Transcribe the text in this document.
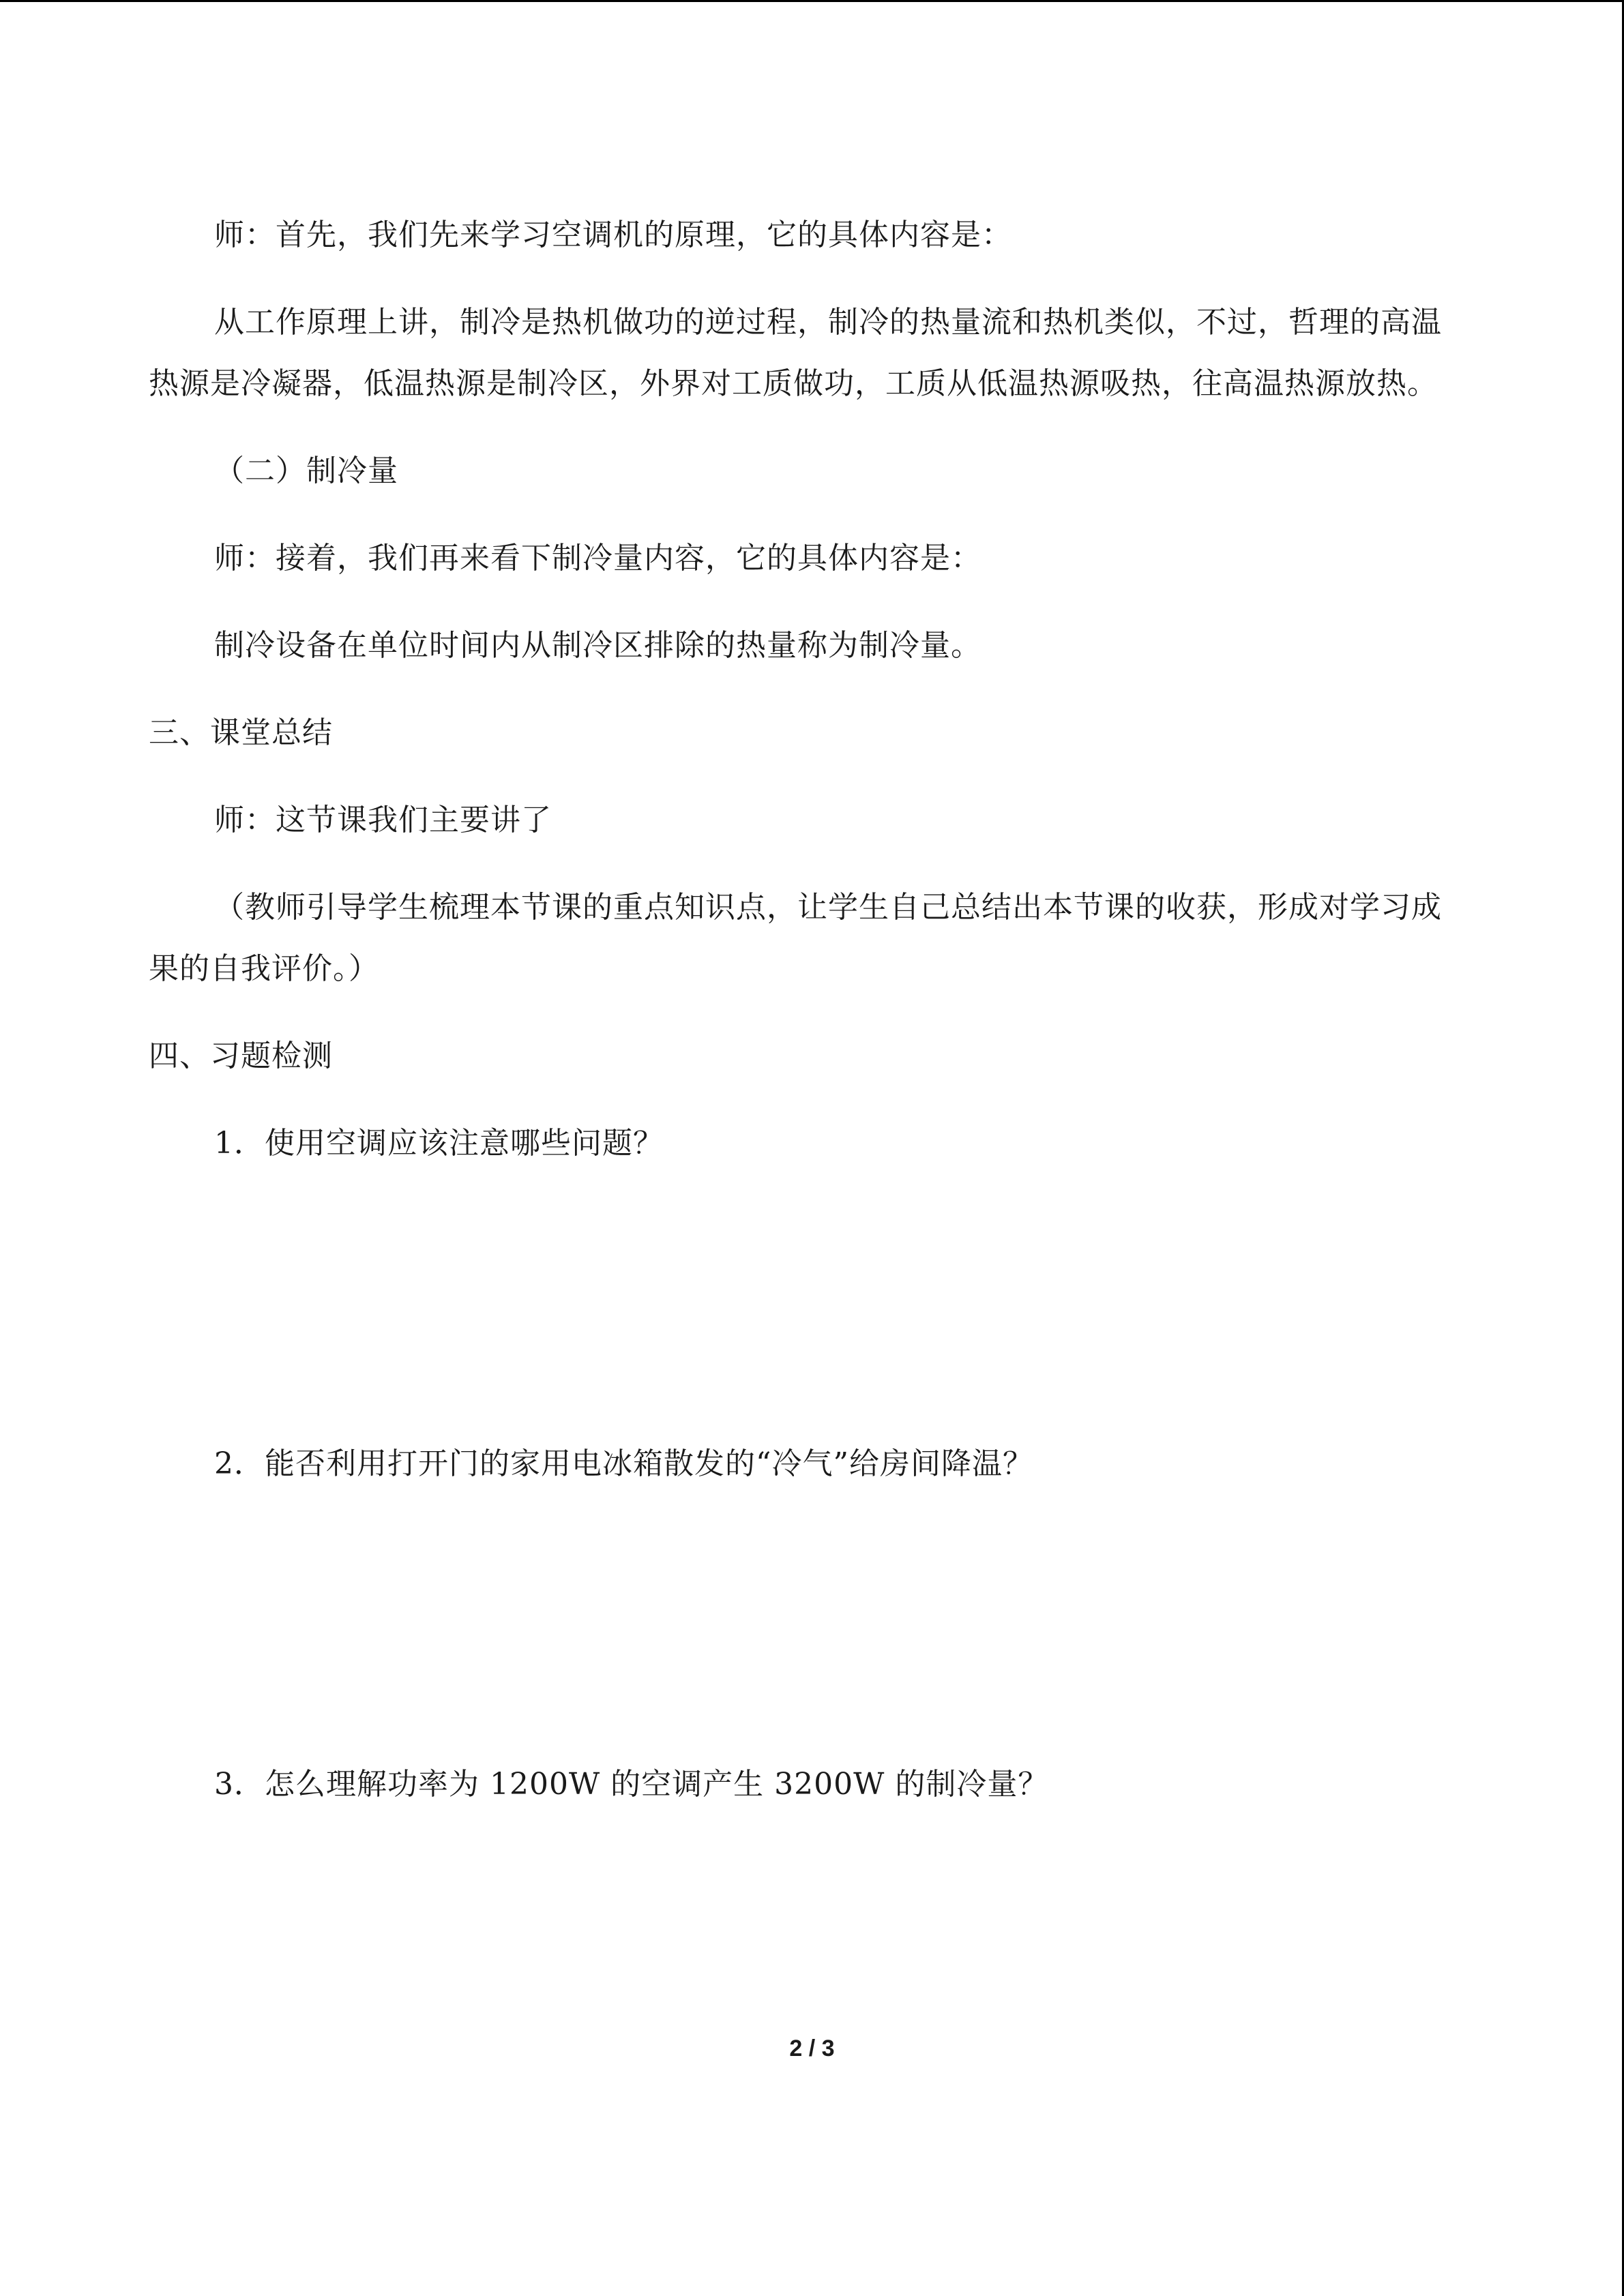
师：首先，我们先来学习空调机的原理，它的具体内容是：

从工作原理上讲，制冷是热机做功的逆过程，制冷的热量流和热机类似，不过，哲理的高温热源是冷凝器，低温热源是制冷区，外界对工质做功，工质从低温热源吸热，往高温热源放热。

（二）制冷量

师：接着，我们再来看下制冷量内容，它的具体内容是：

制冷设备在单位时间内从制冷区排除的热量称为制冷量。

三、课堂总结

师：这节课我们主要讲了

（教师引导学生梳理本节课的重点知识点，让学生自己总结出本节课的收获，形成对学习成果的自我评价。）

四、习题检测

1．使用空调应该注意哪些问题？

2．能否利用打开门的家用电冰箱散发的“冷气”给房间降温？

3．怎么理解功率为 1200W 的空调产生 3200W 的制冷量？

2 / 3
